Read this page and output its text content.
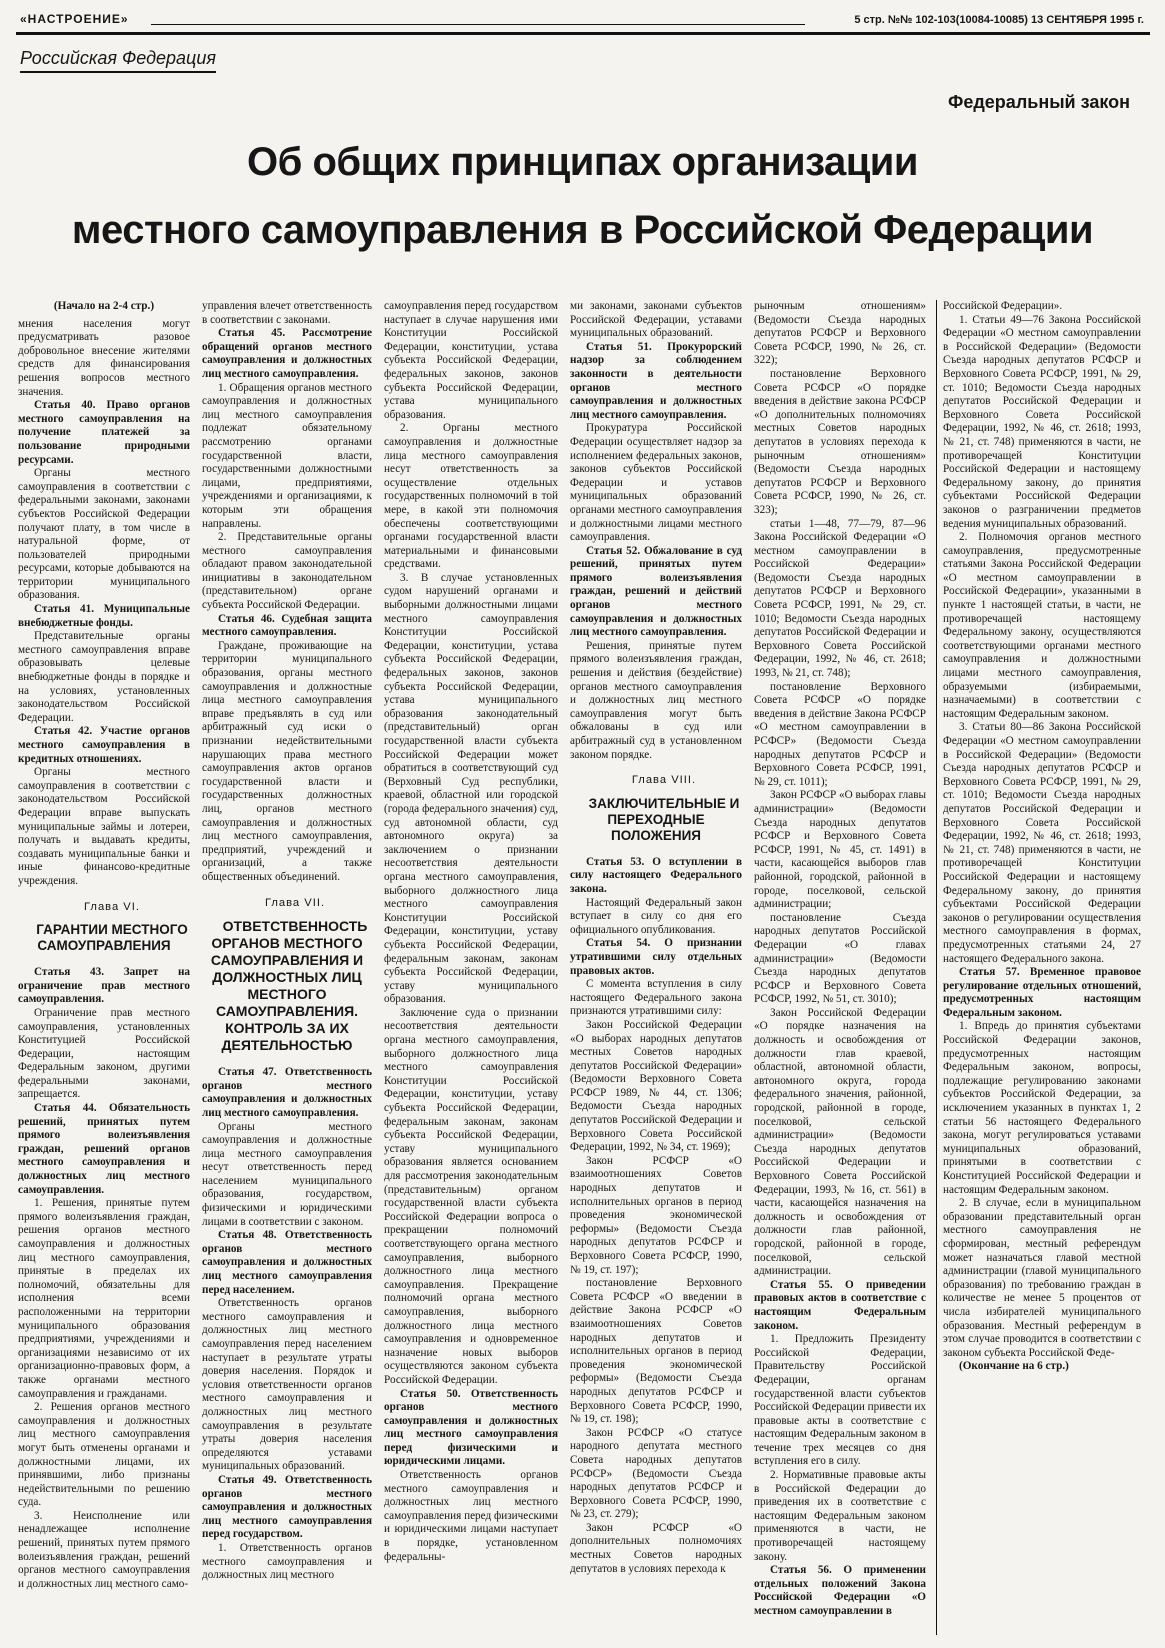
«НАСТРОЕНИЕ»	5 стр. №№ 102-103(10084-10085) 13 СЕНТЯБРЯ 1995 г.
Российская Федерация
Федеральный закон
Об общих принципах организации
местного самоуправления в Российской Федерации

(Начало на 2-4 стр.)

мнения населения могут предусматривать разовое добровольное внесение жителями средств для финансирования решения вопросов местного значения.

Статья 40. Право органов местного самоуправления на получение платежей за пользование природными ресурсами.

Органы местного самоуправления в соответствии с федеральными законами, законами субъектов Российской Федерации получают плату, в том числе в натуральной форме, от пользователей природными ресурсами, которые добываются на территории муниципального образования.

Статья 41. Муниципальные внебюджетные фонды.

Представительные органы местного самоуправления вправе образовывать целевые внебюджетные фонды в порядке и на условиях, установленных законодательством Российской Федерации.

Статья 42. Участие органов местного самоуправления в кредитных отношениях.

Органы местного самоуправления в соответствии с законодательством Российской Федерации вправе выпускать муниципальные займы и лотереи, получать и выдавать кредиты, создавать муниципальные банки и иные финансово-кредитные учреждения.

Глава VI.

ГАРАНТИИ МЕСТНОГО САМОУПРАВЛЕНИЯ

Статья 43. Запрет на ограничение прав местного самоуправления.

Ограничение прав местного самоуправления, установленных Конституцией Российской Федерации, настоящим Федеральным законом, другими федеральными законами, запрещается.

Статья 44. Обязательность решений, принятых путем прямого волеизъявления граждан, решений органов местного самоуправления и должностных лиц местного самоуправления.

1. Решения, принятые путем прямого волеизъявления граждан, решения органов местного самоуправления и должностных лиц местного самоуправления, принятые в пределах их полномочий, обязательны для исполнения всеми расположенными на территории муниципального образования предприятиями, учреждениями и организациями независимо от их организационно-правовых форм, а также органами местного самоуправления и гражданами.

2. Решения органов местного самоуправления и должностных лиц местного самоуправления могут быть отменены органами и должностными лицами, их принявшими, либо признаны недействительными по решению суда.

3. Неисполнение или ненадлежащее исполнение решений, принятых путем прямого волеизъявления граждан, решений органов местного самоуправления и должностных лиц местного само-

управления влечет ответственность в соответствии с законами.

Статья 45. Рассмотрение обращений органов местного самоуправления и должностных лиц местного самоуправления.

1. Обращения органов местного самоуправления и должностных лиц местного самоуправления подлежат обязательному рассмотрению органами государственной власти, государственными должностными лицами, предприятиями, учреждениями и организациями, к которым эти обращения направлены.

2. Представительные органы местного самоуправления обладают правом законодательной инициативы в законодательном (представительном) органе субъекта Российской Федерации.

Статья 46. Судебная защита местного самоуправления.

Граждане, проживающие на территории муниципального образования, органы местного самоуправления и должностные лица местного самоуправления вправе предъявлять в суд или арбитражный суд иски о признании недействительными нарушающих права местного самоуправления актов органов государственной власти и государственных должностных лиц, органов местного самоуправления и должностных лиц местного самоуправления, предприятий, учреждений и организаций, а также общественных объединений.

Глава VII.

ОТВЕТСТВЕННОСТЬ ОРГАНОВ МЕСТНОГО САМОУПРАВЛЕНИЯ И ДОЛЖНОСТНЫХ ЛИЦ МЕСТНОГО САМОУПРАВЛЕНИЯ. КОНТРОЛЬ ЗА ИХ ДЕЯТЕЛЬНОСТЬЮ

Статья 47. Ответственность органов местного самоуправления и должностных лиц местного самоуправления.

Органы местного самоуправления и должностные лица местного самоуправления несут ответственность перед населением муниципального образования, государством, физическими и юридическими лицами в соответствии с законом.

Статья 48. Ответственность органов местного самоуправления и должностных лиц местного самоуправления перед населением.

Ответственность органов местного самоуправления и должностных лиц местного самоуправления перед населением наступает в результате утраты доверия населения. Порядок и условия ответственности органов местного самоуправления и должностных лиц местного самоуправления в результате утраты доверия населения определяются уставами муниципальных образований.

Статья 49. Ответственность органов местного самоуправления и должностных лиц местного самоуправления перед государством.

1. Ответственность органов местного самоуправления и должностных лиц местного

самоуправления перед государством наступает в случае нарушения ими Конституции Российской Федерации, конституции, устава субъекта Российской Федерации, федеральных законов, законов субъекта Российской Федерации, устава муниципального образования.

2. Органы местного самоуправления и должностные лица местного самоуправления несут ответственность за осуществление отдельных государственных полномочий в той мере, в какой эти полномочия обеспечены соответствующими органами государственной власти материальными и финансовыми средствами.

3. В случае установленных судом нарушений органами и выборными должностными лицами местного самоуправления Конституции Российской Федерации, конституции, устава субъекта Российской Федерации, федеральных законов, законов субъекта Российской Федерации, устава муниципального образования законодательный (представительный) орган государственной власти субъекта Российской Федерации может обратиться в соответствующий суд (Верховный Суд республики, краевой, областной или городской (города федерального значения) суд, суд автономной области, суд автономного округа) за заключением о признании несоответствия деятельности органа местного самоуправления, выборного должностного лица местного самоуправления Конституции Российской Федерации, конституции, уставу субъекта Российской Федерации, федеральным законам, законам субъекта Российской Федерации, уставу муниципального образования.

Заключение суда о признании несоответствия деятельности органа местного самоуправления, выборного должностного лица местного самоуправления Конституции Российской Федерации, конституции, уставу субъекта Российской Федерации, федеральным законам, законам субъекта Российской Федерации, уставу муниципального образования является основанием для рассмотрения законодательным (представительным) органом государственной власти субъекта Российской Федерации вопроса о прекращении полномочий соответствующего органа местного самоуправления, выборного должностного лица местного самоуправления. Прекращение полномочий органа местного самоуправления, выборного должностного лица местного самоуправления и одновременное назначение новых выборов осуществляются законом субъекта Российской Федерации.

Статья 50. Ответственность органов местного самоуправления и должностных лиц местного самоуправления перед физическими и юридическими лицами.

Ответственность органов местного самоуправления и должностных лиц местного самоуправления перед физическими и юридическими лицами наступает в порядке, установленном федеральны-

ми законами, законами субъектов Российской Федерации, уставами муниципальных образований.

Статья 51. Прокурорский надзор за соблюдением законности в деятельности органов местного самоуправления и должностных лиц местного самоуправления.

Прокуратура Российской Федерации осуществляет надзор за исполнением федеральных законов, законов субъектов Российской Федерации и уставов муниципальных образований органами местного самоуправления и должностными лицами местного самоуправления.

Статья 52. Обжалование в суд решений, принятых путем прямого волеизъявления граждан, решений и действий органов местного самоуправления и должностных лиц местного самоуправления.

Решения, принятые путем прямого волеизъявления граждан, решения и действия (бездействие) органов местного самоуправления и должностных лиц местного самоуправления могут быть обжалованы в суд или арбитражный суд в установленном законом порядке.

Глава VIII.

ЗАКЛЮЧИТЕЛЬНЫЕ И ПЕРЕХОДНЫЕ ПОЛОЖЕНИЯ

Статья 53. О вступлении в силу настоящего Федерального закона.

Настоящий Федеральный закон вступает в силу со дня его официального опубликования.

Статья 54. О признании утратившими силу отдельных правовых актов.

С момента вступления в силу настоящего Федерального закона признаются утратившими силу:

Закон Российской Федерации «О выборах народных депутатов местных Советов народных депутатов Российской Федерации» (Ведомости Верховного Совета РСФСР 1989, № 44, ст. 1306; Ведомости Съезда народных депутатов Российской Федерации и Верховного Совета Российской Федерации, 1992, № 34, ст. 1969);

Закон РСФСР «О взаимоотношениях Советов народных депутатов и исполнительных органов в период проведения экономической реформы» (Ведомости Съезда народных депутатов РСФСР и Верховного Совета РСФСР, 1990, № 19, ст. 197);

постановление Верховного Совета РСФСР «О введении в действие Закона РСФСР «О взаимоотношениях Советов народных депутатов и исполнительных органов в период проведения экономической реформы» (Ведомости Съезда народных депутатов РСФСР и Верховного Совета РСФСР, 1990, № 19, ст. 198);

Закон РСФСР «О статусе народного депутата местного Совета народных депутатов РСФСР» (Ведомости Съезда народных депутатов РСФСР и Верховного Совета РСФСР, 1990, № 23, ст. 279);

Закон РСФСР «О дополнительных полномочиях местных Советов народных депутатов в условиях перехода к

рыночным отношениям» (Ведомости Съезда народных депутатов РСФСР и Верховного Совета РСФСР, 1990, № 26, ст. 322);

постановление Верховного Совета РСФСР «О порядке введения в действие закона РСФСР «О дополнительных полномочиях местных Советов народных депутатов в условиях перехода к рыночным отношениям» (Ведомости Съезда народных депутатов РСФСР и Верховного Совета РСФСР, 1990, № 26, ст. 323);

статьи 1—48, 77—79, 87—96 Закона Российской Федерации «О местном самоуправлении в Российской Федерации» (Ведомости Съезда народных депутатов РСФСР и Верховного Совета РСФСР, 1991, № 29, ст. 1010; Ведомости Съезда народных депутатов Российской Федерации и Верховного Совета Российской Федерации, 1992, № 46, ст. 2618; 1993, № 21, ст. 748);

постановление Верховного Совета РСФСР «О порядке введения в действие Закона РСФСР «О местном самоуправлении в РСФСР» (Ведомости Съезда народных депутатов РСФСР и Верховного Совета РСФСР, 1991, № 29, ст. 1011);

Закон РСФСР «О выборах главы администрации» (Ведомости Съезда народных депутатов РСФСР и Верховного Совета РСФСР, 1991, № 45, ст. 1491) в части, касающейся выборов глав районной, городской, районной в городе, поселковой, сельской администрации;

постановление Съезда народных депутатов Российской Федерации «О главах администрации» (Ведомости Съезда народных депутатов РСФСР и Верховного Совета РСФСР, 1992, № 51, ст. 3010);

Закон Российской Федерации «О порядке назначения на должность и освобождения от должности глав краевой, областной, автономной области, автономного округа, города федерального значения, районной, городской, районной в городе, поселковой, сельской администрации» (Ведомости Съезда народных депутатов Российской Федерации и Верховного Совета Российской Федерации, 1993, № 16, ст. 561) в части, касающейся назначения на должность и освобождения от должности глав районной, городской, районной в городе, поселковой, сельской администрации.

Статья 55. О приведении правовых актов в соответствие с настоящим Федеральным законом.

1. Предложить Президенту Российской Федерации, Правительству Российской Федерации, органам государственной власти субъектов Российской Федерации привести их правовые акты в соответствие с настоящим Федеральным законом в течение трех месяцев со дня вступления его в силу.

2. Нормативные правовые акты в Российской Федерации до приведения их в соответствие с настоящим Федеральным законом применяются в части, не противоречащей настоящему закону.

Статья 56. О применении отдельных положений Закона Российской Федерации «О местном самоуправлении в

Российской Федерации».

1. Статьи 49—76 Закона Российской Федерации «О местном самоуправлении в Российской Федерации» (Ведомости Съезда народных депутатов РСФСР и Верховного Совета РСФСР, 1991, № 29, ст. 1010; Ведомости Съезда народных депутатов Российской Федерации и Верховного Совета Российской Федерации, 1992, № 46, ст. 2618; 1993, № 21, ст. 748) применяются в части, не противоречащей Конституции Российской Федерации и настоящему Федеральному закону, до принятия субъектами Российской Федерации законов о разграничении предметов ведения муниципальных образований.

2. Полномочия органов местного самоуправления, предусмотренные статьями Закона Российской Федерации «О местном самоуправлении в Российской Федерации», указанными в пункте 1 настоящей статьи, в части, не противоречащей настоящему Федеральному закону, осуществляются соответствующими органами местного самоуправления и должностными лицами местного самоуправления, образуемыми (избираемыми, назначаемыми) в соответствии с настоящим Федеральным законом.

3. Статьи 80—86 Закона Российской Федерации «О местном самоуправлении в Российской Федерации» (Ведомости Съезда народных депутатов РСФСР и Верховного Совета РСФСР, 1991, № 29, ст. 1010; Ведомости Съезда народных депутатов Российской Федерации и Верховного Совета Российской Федерации, 1992, № 46, ст. 2618; 1993, № 21, ст. 748) применяются в части, не противоречащей Конституции Российской Федерации и настоящему Федеральному закону, до принятия субъектами Российской Федерации законов о регулировании осуществления местного самоуправления в формах, предусмотренных статьями 24, 27 настоящего Федерального закона.

Статья 57. Временное правовое регулирование отдельных отношений, предусмотренных настоящим Федеральным законом.

1. Впредь до принятия субъектами Российской Федерации законов, предусмотренных настоящим Федеральным законом, вопросы, подлежащие регулированию законами субъектов Российской Федерации, за исключением указанных в пунктах 1, 2 статьи 56 настоящего Федерального закона, могут регулироваться уставами муниципальных образований, принятыми в соответствии с Конституцией Российской Федерации и настоящим Федеральным законом.

2. В случае, если в муниципальном образовании представительный орган местного самоуправления не сформирован, местный референдум может назначаться главой местной администрации (главой муниципального образования) по требованию граждан в количестве не менее 5 процентов от числа избирателей муниципального образования. Местный референдум в этом случае проводится в соответствии с законом субъекта Российской Феде-

(Окончание на 6 стр.)
